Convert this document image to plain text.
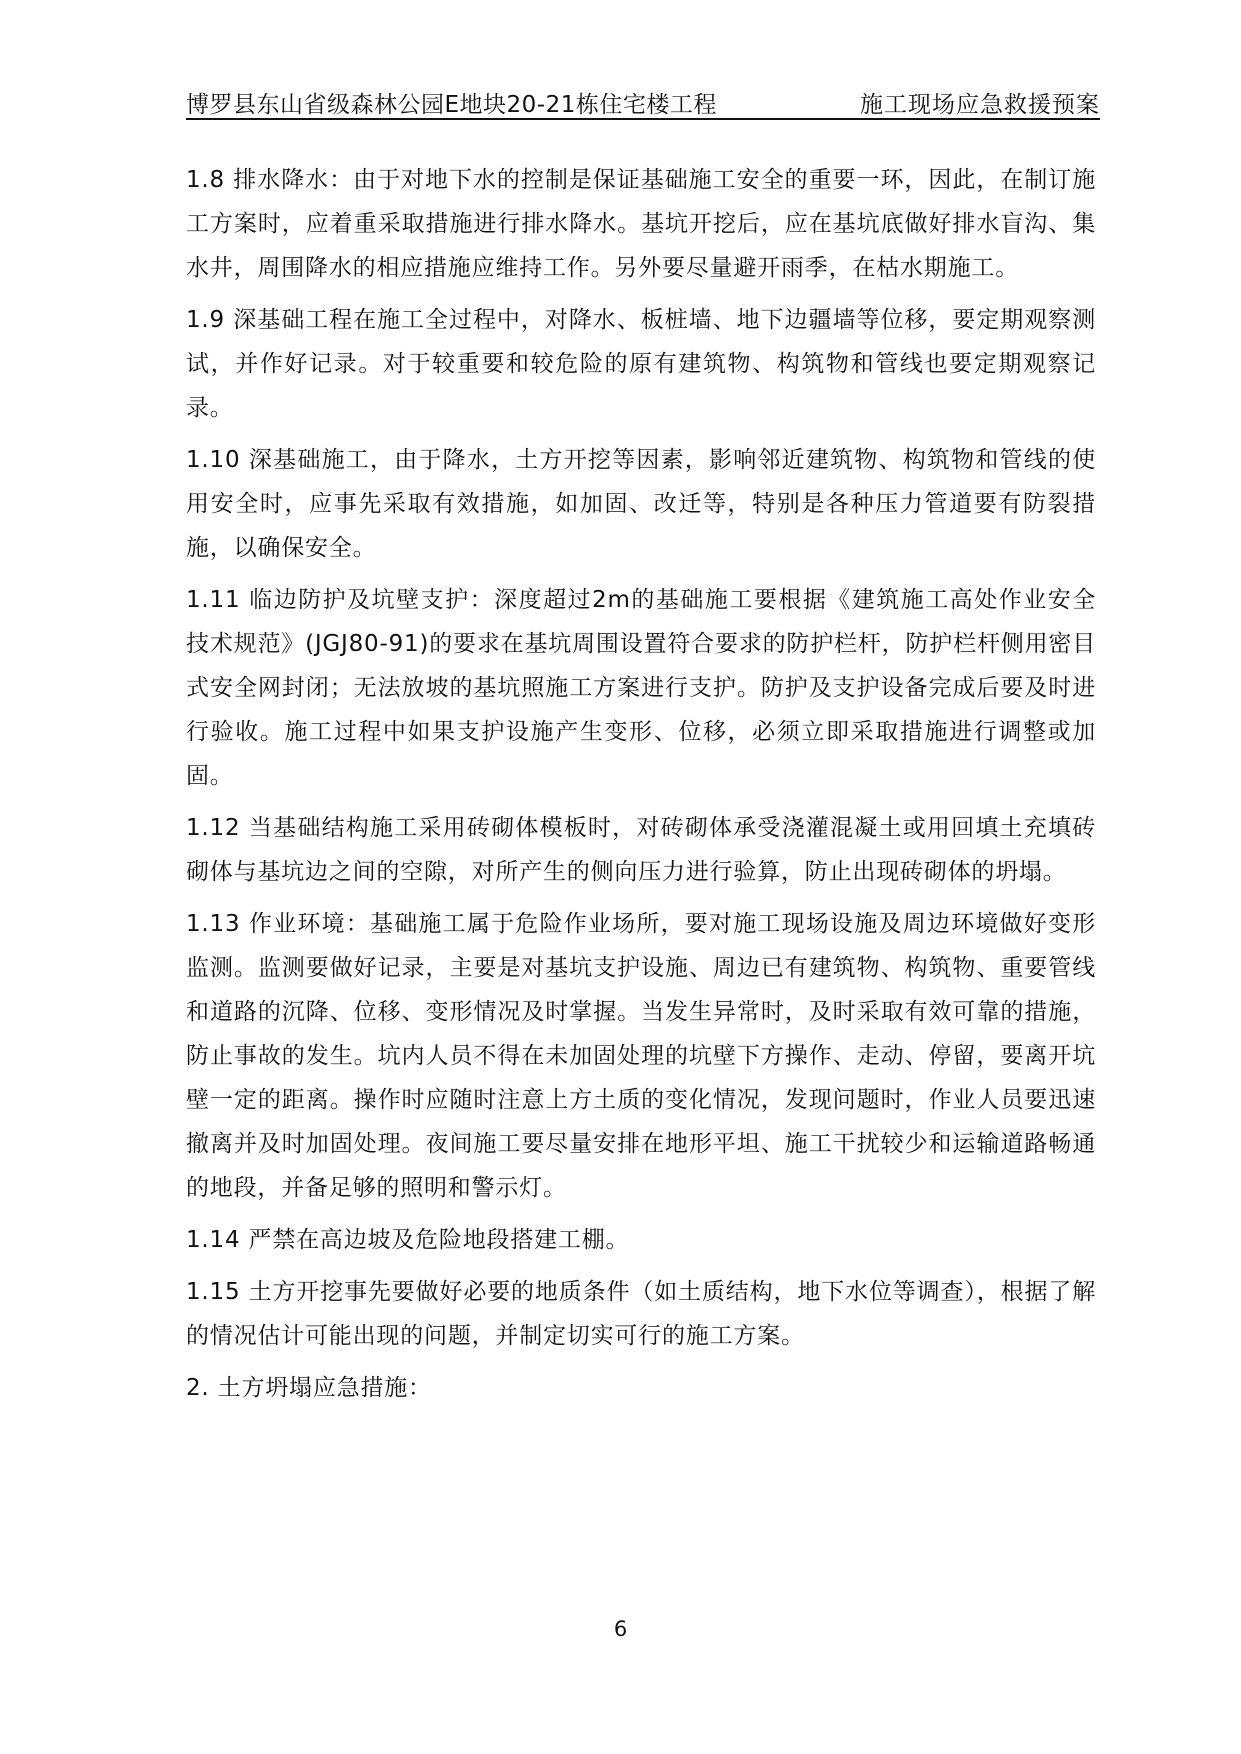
博罗县东山省级森林公园E地块20-21栋住宅楼工程	施工现场应急救援预案

1.8 排水降水：由于对地下水的控制是保证基础施工安全的重要一环，因此，在制订施工方案时，应着重采取措施进行排水降水。基坑开挖后，应在基坑底做好排水盲沟、集水井，周围降水的相应措施应维持工作。另外要尽量避开雨季，在枯水期施工。

1.9 深基础工程在施工全过程中，对降水、板桩墙、地下边疆墙等位移，要定期观察测试，并作好记录。对于较重要和较危险的原有建筑物、构筑物和管线也要定期观察记录。

1.10 深基础施工，由于降水，土方开挖等因素，影响邻近建筑物、构筑物和管线的使用安全时，应事先采取有效措施，如加固、改迁等，特别是各种压力管道要有防裂措施，以确保安全。

1.11 临边防护及坑壁支护：深度超过2m的基础施工要根据《建筑施工高处作业安全技术规范》(JGJ80-91)的要求在基坑周围设置符合要求的防护栏杆，防护栏杆侧用密目式安全网封闭；无法放坡的基坑照施工方案进行支护。防护及支护设备完成后要及时进行验收。施工过程中如果支护设施产生变形、位移，必须立即采取措施进行调整或加固。

1.12 当基础结构施工采用砖砌体模板时，对砖砌体承受浇灌混凝土或用回填土充填砖砌体与基坑边之间的空隙，对所产生的侧向压力进行验算，防止出现砖砌体的坍塌。

1.13 作业环境：基础施工属于危险作业场所，要对施工现场设施及周边环境做好变形监测。监测要做好记录，主要是对基坑支护设施、周边已有建筑物、构筑物、重要管线和道路的沉降、位移、变形情况及时掌握。当发生异常时，及时采取有效可靠的措施，防止事故的发生。坑内人员不得在未加固处理的坑壁下方操作、走动、停留，要离开坑壁一定的距离。操作时应随时注意上方土质的变化情况，发现问题时，作业人员要迅速撤离并及时加固处理。夜间施工要尽量安排在地形平坦、施工干扰较少和运输道路畅通的地段，并备足够的照明和警示灯。

1.14 严禁在高边坡及危险地段搭建工棚。

1.15 土方开挖事先要做好必要的地质条件（如土质结构，地下水位等调查），根据了解的情况估计可能出现的问题，并制定切实可行的施工方案。

2. 土方坍塌应急措施：

6
